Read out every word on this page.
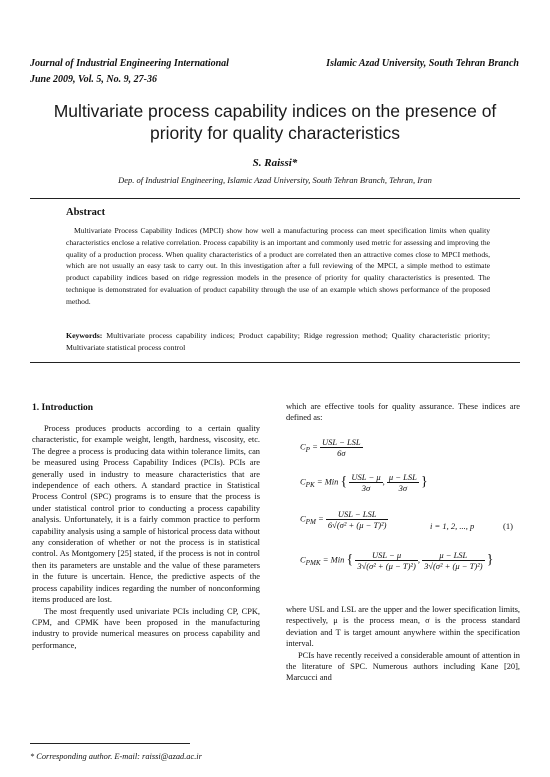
Journal of Industrial Engineering International
June 2009, Vol. 5, No. 9, 27-36
Islamic Azad University, South Tehran Branch
Multivariate process capability indices on the presence of priority for quality characteristics
S. Raissi*
Dep. of Industrial Engineering, Islamic Azad University, South Tehran Branch, Tehran, Iran
Abstract
Multivariate Process Capability Indices (MPCI) show how well a manufacturing process can meet specification limits when quality characteristics enclose a relative correlation. Process capability is an important and commonly used metric for assessing and improving the quality of a production process. When quality characteristics of a product are correlated then an attractive comes close to MPCI methods, which are not usually an easy task to carry out. In this investigation after a full reviewing of the MPCI, a simple method to estimate product capability indices based on ridge regression models in the presence of priority for quality characteristics is presented. The technique is demonstrated for evaluation of product capability through the use of an example which shows performance of the proposed method.
Keywords: Multivariate process capability indices; Product capability; Ridge regression method; Quality characteristic priority; Multivariate statistical process control
1. Introduction

Process produces products according to a certain quality characteristic, for example weight, length, hardness, viscosity, etc. The degree a process is producing data within tolerance limits, can be measured using Process Capability Indices (PCIs). PCIs are generally used in industry to measure characteristics that are independence of each others. A standard practice in Statistical Process Control (SPC) programs is to ensure that the process is under statistical control prior to conducting a process capability analysis. Unfortunately, it is a fairly common practice to perform capability analysis using a sample of historical process data without any consideration of whether or not the process is in statistical control. As Montgomery [25] stated, if the process is not in control then its parameters are unstable and the value of these parameters in the future is uncertain. Hence, the predictive aspects of the process capability indices regarding the number of nonconforming items produced are lost.

The most frequently used univariate PCIs including CP, CPK, CPM, and CPMK have been proposed in the manufacturing industry to provide numerical measures on process capability and performance,

which are effective tools for quality assurance. These indices are defined as:

$C_P = \frac{\text{USL − LSL}}{6\sigma}$
$C_{PK}$ = Min { $\frac{\text{USL − μ}}{3\sigma}$ , $\frac{\text{μ − LSL}}{3\sigma}$ }
$C_{PM} = \frac{\text{USL − LSL}}{\text{6√(σ² + (μ − T)²)}}$	i = 1, 2, ..., p	(1)
$C_{PMK}$ = Min { $\frac{\text{USL − μ}}{\text{3√(σ² + (μ − T)²)}}$ , $\frac{\text{μ − LSL}}{\text{3√(σ² + (μ − T)²)}}$ }

where USL and LSL are the upper and the lower specification limits, respectively, μ is the process mean, σ is the process standard deviation and T is target amount anywhere within the specification interval.

PCIs have recently received a considerable amount of attention in the literature of SPC. Numerous authors including Kane [20], Marcucci and

* Corresponding author. E-mail: raissi@azad.ac.ir
